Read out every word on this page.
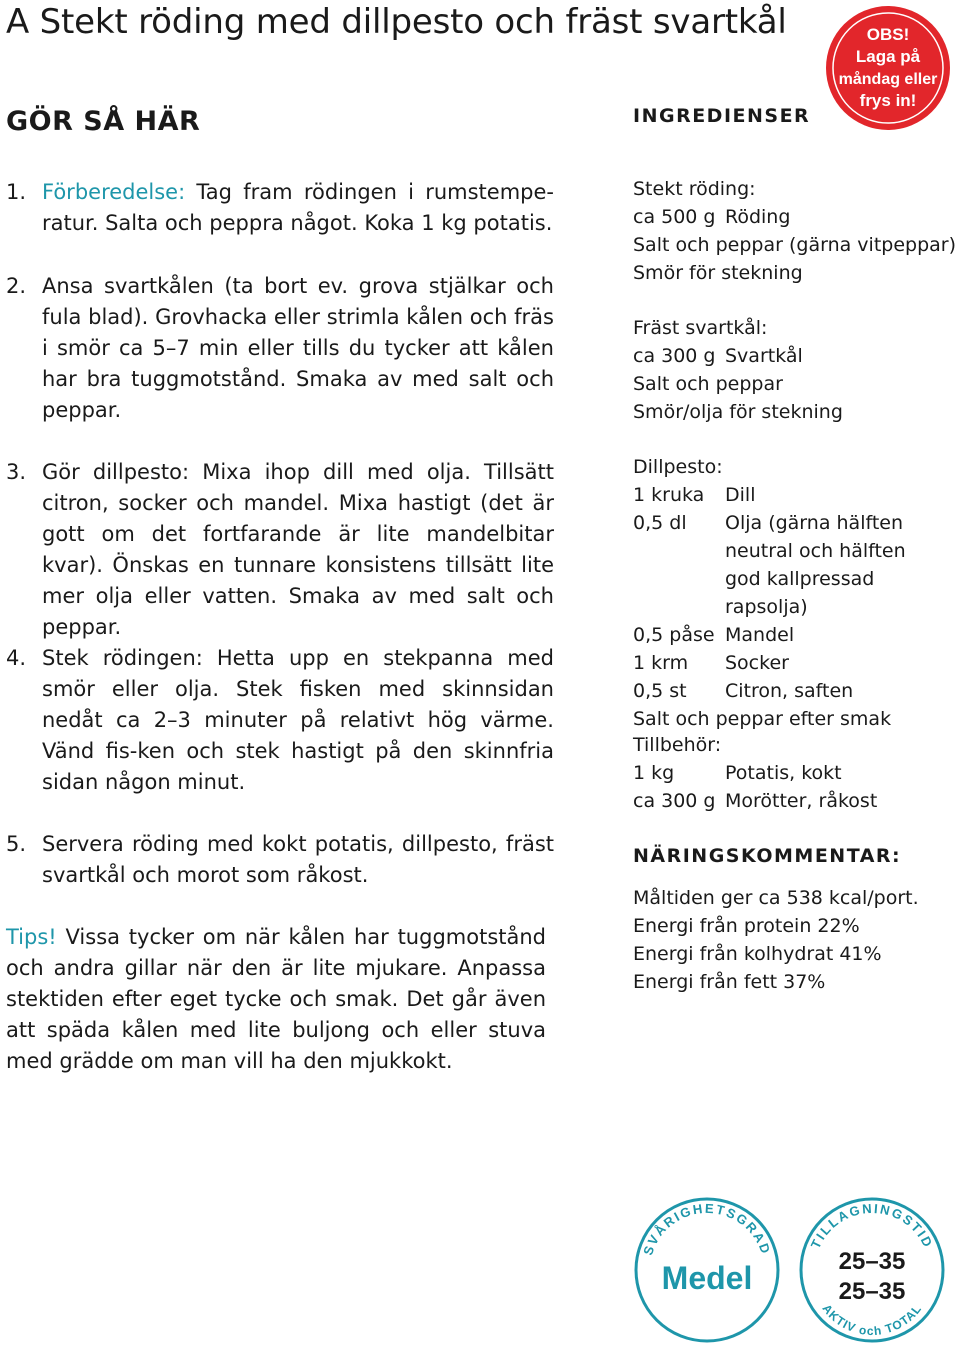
A Stekt röding med dillpesto och fräst svartkål	OBS!
Laga på
måndag eller
frys in!
GÖR SÅ HÄR
1. Förberedelse: Tag fram rödingen i rumstempe-ratur. Salta och peppra något. Koka 1 kg potatis.
2. Ansa svartkålen (ta bort ev. grova stjälkar och fula blad). Grovhacka eller strimla kålen och fräs i smör ca 5–7 min eller tills du tycker att kålen har bra tuggmotstånd. Smaka av med salt och peppar.
3. Gör dillpesto: Mixa ihop dill med olja. Tillsätt citron, socker och mandel. Mixa hastigt (det är gott om det fortfarande är lite mandelbitar kvar). Önskas en tunnare konsistens tillsätt lite mer olja eller vatten. Smaka av med salt och peppar.
4. Stek rödingen: Hetta upp en stekpanna med smör eller olja. Stek fisken med skinnsidan nedåt ca 2–3 minuter på relativt hög värme. Vänd fis-ken och stek hastigt på den skinnfria sidan någon minut.
5. Servera röding med kokt potatis, dillpesto, fräst svartkål och morot som råkost.
Tips! Vissa tycker om när kålen har tuggmotstånd och andra gillar när den är lite mjukare. Anpassa stektiden efter eget tycke och smak. Det går även att späda kålen med lite buljong och eller stuva med grädde om man vill ha den mjukkokt.
INGREDIENSER
Stekt röding:
ca 500 g Röding
Salt och peppar (gärna vitpeppar)
Smör för stekning
Fräst svartkål:
ca 300 g Svartkål
Salt och peppar
Smör/olja för stekning
Dillpesto:
1 kruka	Dill
0,5 dl	Olja (gärna hälften neutral och hälften god kallpressad rapsolja)
0,5 påse Mandel
1 krm	Socker
0,5 st	Citron, saften
Salt och peppar efter smak
Tillbehör:
1 kg	Potatis, kokt
ca 300 g Morötter, råkost
NÄRINGSKOMMENTAR:
Måltiden ger ca 538 kcal/port.
Energi från protein 22%
Energi från kolhydrat 41%
Energi från fett 37%
SVÅRIGHETSGRAD
Medel
TILLAGNINGSTID
25–35
25–35
AKTIV och TOTAL
